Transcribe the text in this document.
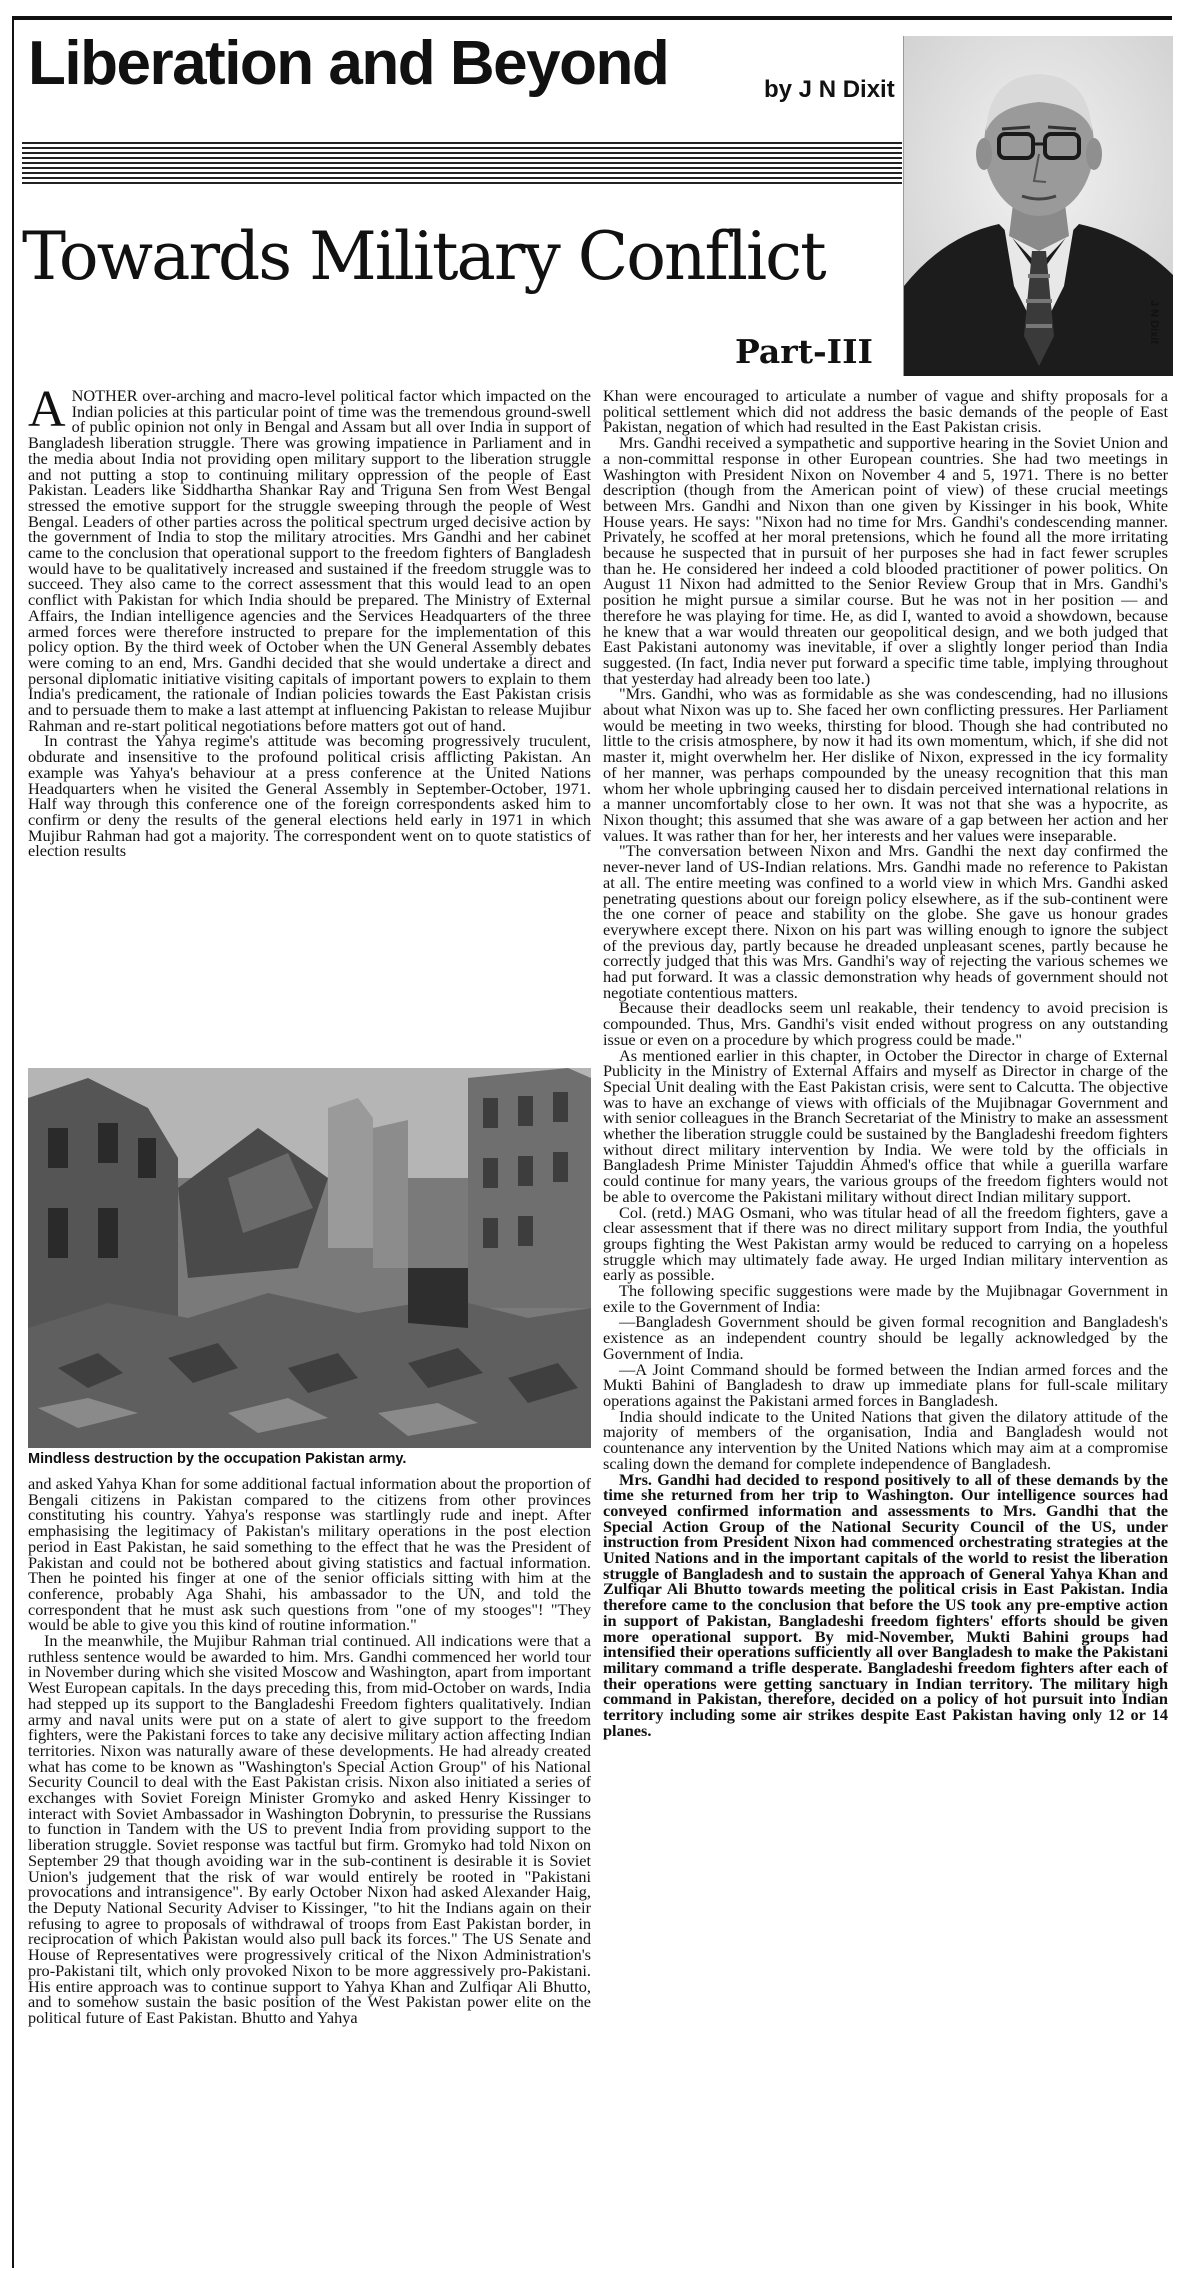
Liberation and Beyond	by J N Dixit
J N Dixit
Towards Military Conflict
Part-III

ANOTHER over-arching and macro-level political factor which impacted on the Indian policies at this particular point of time was the tremendous ground-swell of public opinion not only in Bengal and Assam but all over India in support of Bangladesh liberation struggle. There was growing impatience in Parliament and in the media about India not providing open military support to the liberation struggle and not putting a stop to continuing military oppression of the people of East Pakistan. Leaders like Siddhartha Shankar Ray and Triguna Sen from West Bengal stressed the emotive support for the struggle sweeping through the people of West Bengal. Leaders of other parties across the political spectrum urged decisive action by the government of India to stop the military atrocities. Mrs Gandhi and her cabinet came to the conclusion that operational support to the freedom fighters of Bangladesh would have to be qualitatively increased and sustained if the freedom struggle was to succeed. They also came to the correct assessment that this would lead to an open conflict with Pakistan for which India should be prepared. The Ministry of External Affairs, the Indian intelligence agencies and the Services Headquarters of the three armed forces were therefore instructed to prepare for the implementation of this policy option. By the third week of October when the UN General Assembly debates were coming to an end, Mrs. Gandhi decided that she would undertake a direct and personal diplomatic initiative visiting capitals of important powers to explain to them India's predicament, the rationale of Indian policies towards the East Pakistan crisis and to persuade them to make a last attempt at influencing Pakistan to release Mujibur Rahman and re-start political negotiations before matters got out of hand.

In contrast the Yahya regime's attitude was becoming progressively truculent, obdurate and insensitive to the profound political crisis afflicting Pakistan. An example was Yahya's behaviour at a press conference at the United Nations Headquarters when he visited the General Assembly in September-October, 1971. Half way through this conference one of the foreign correspondents asked him to confirm or deny the results of the general elections held early in 1971 in which Mujibur Rahman had got a majority. The correspondent went on to quote statistics of election results

Mindless destruction by the occupation Pakistan army.

and asked Yahya Khan for some additional factual information about the proportion of Bengali citizens in Pakistan compared to the citizens from other provinces constituting his country. Yahya's response was startlingly rude and inept. After emphasising the legitimacy of Pakistan's military operations in the post election period in East Pakistan, he said something to the effect that he was the President of Pakistan and could not be bothered about giving statistics and factual information. Then he pointed his finger at one of the senior officials sitting with him at the conference, probably Aga Shahi, his ambassador to the UN, and told the correspondent that he must ask such questions from "one of my stooges"! "They would be able to give you this kind of routine information."

In the meanwhile, the Mujibur Rahman trial continued. All indications were that a ruthless sentence would be awarded to him. Mrs. Gandhi commenced her world tour in November during which she visited Moscow and Washington, apart from important West European capitals. In the days preceding this, from mid-October on wards, India had stepped up its support to the Bangladeshi Freedom fighters qualitatively. Indian army and naval units were put on a state of alert to give support to the freedom fighters, were the Pakistani forces to take any decisive military action affecting Indian territories. Nixon was naturally aware of these developments. He had already created what has come to be known as "Washington's Special Action Group" of his National Security Council to deal with the East Pakistan crisis. Nixon also initiated a series of exchanges with Soviet Foreign Minister Gromyko and asked Henry Kissinger to interact with Soviet Ambassador in Washington Dobrynin, to pressurise the Russians to function in Tandem with the US to prevent India from providing support to the liberation struggle. Soviet response was tactful but firm. Gromyko had told Nixon on September 29 that though avoiding war in the sub-continent is desirable it is Soviet Union's judgement that the risk of war would entirely be rooted in "Pakistani provocations and intransigence". By early October Nixon had asked Alexander Haig, the Deputy National Security Adviser to Kissinger, "to hit the Indians again on their refusing to agree to proposals of withdrawal of troops from East Pakistan border, in reciprocation of which Pakistan would also pull back its forces." The US Senate and House of Representatives were progressively critical of the Nixon Administration's pro-Pakistani tilt, which only provoked Nixon to be more aggressively pro-Pakistani. His entire approach was to continue support to Yahya Khan and Zulfiqar Ali Bhutto, and to somehow sustain the basic position of the West Pakistan power elite on the political future of East Pakistan. Bhutto and Yahya

Khan were encouraged to articulate a number of vague and shifty proposals for a political settlement which did not address the basic demands of the people of East Pakistan, negation of which had resulted in the East Pakistan crisis.

Mrs. Gandhi received a sympathetic and supportive hearing in the Soviet Union and a non-committal response in other European countries. She had two meetings in Washington with President Nixon on November 4 and 5, 1971. There is no better description (though from the American point of view) of these crucial meetings between Mrs. Gandhi and Nixon than one given by Kissinger in his book, White House years. He says: "Nixon had no time for Mrs. Gandhi's condescending manner. Privately, he scoffed at her moral pretensions, which he found all the more irritating because he suspected that in pursuit of her purposes she had in fact fewer scruples than he. He considered her indeed a cold blooded practitioner of power politics. On August 11 Nixon had admitted to the Senior Review Group that in Mrs. Gandhi's position he might pursue a similar course. But he was not in her position — and therefore he was playing for time. He, as did I, wanted to avoid a showdown, because he knew that a war would threaten our geopolitical design, and we both judged that East Pakistani autonomy was inevitable, if over a slightly longer period than India suggested. (In fact, India never put forward a specific time table, implying throughout that yesterday had already been too late.)

"Mrs. Gandhi, who was as formidable as she was condescending, had no illusions about what Nixon was up to. She faced her own conflicting pressures. Her Parliament would be meeting in two weeks, thirsting for blood. Though she had contributed no little to the crisis atmosphere, by now it had its own momentum, which, if she did not master it, might overwhelm her. Her dislike of Nixon, expressed in the icy formality of her manner, was perhaps compounded by the uneasy recognition that this man whom her whole upbringing caused her to disdain perceived international relations in a manner uncomfortably close to her own. It was not that she was a hypocrite, as Nixon thought; this assumed that she was aware of a gap between her action and her values. It was rather than for her, her interests and her values were inseparable.

"The conversation between Nixon and Mrs. Gandhi the next day confirmed the never-never land of US-Indian relations. Mrs. Gandhi made no reference to Pakistan at all. The entire meeting was confined to a world view in which Mrs. Gandhi asked penetrating questions about our foreign policy elsewhere, as if the sub-continent were the one corner of peace and stability on the globe. She gave us honour grades everywhere except there. Nixon on his part was willing enough to ignore the subject of the previous day, partly because he dreaded unpleasant scenes, partly because he correctly judged that this was Mrs. Gandhi's way of rejecting the various schemes we had put forward. It was a classic demonstration why heads of government should not negotiate contentious matters.

Because their deadlocks seem unl reakable, their tendency to avoid precision is compounded. Thus, Mrs. Gandhi's visit ended without progress on any outstanding issue or even on a procedure by which progress could be made."

As mentioned earlier in this chapter, in October the Director in charge of External Publicity in the Ministry of External Affairs and myself as Director in charge of the Special Unit dealing with the East Pakistan crisis, were sent to Calcutta. The objective was to have an exchange of views with officials of the Mujibnagar Government and with senior colleagues in the Branch Secretariat of the Ministry to make an assessment whether the liberation struggle could be sustained by the Bangladeshi freedom fighters without direct military intervention by India. We were told by the officials in Bangladesh Prime Minister Tajuddin Ahmed's office that while a guerilla warfare could continue for many years, the various groups of the freedom fighters would not be able to overcome the Pakistani military without direct Indian military support.

Col. (retd.) MAG Osmani, who was titular head of all the freedom fighters, gave a clear assessment that if there was no direct military support from India, the youthful groups fighting the West Pakistan army would be reduced to carrying on a hopeless struggle which may ultimately fade away. He urged Indian military intervention as early as possible.

The following specific suggestions were made by the Mujibnagar Government in exile to the Government of India:

—Bangladesh Government should be given formal recognition and Bangladesh's existence as an independent country should be legally acknowledged by the Government of India.

—A Joint Command should be formed between the Indian armed forces and the Mukti Bahini of Bangladesh to draw up immediate plans for full-scale military operations against the Pakistani armed forces in Bangladesh.

India should indicate to the United Nations that given the dilatory attitude of the majority of members of the organisation, India and Bangladesh would not countenance any intervention by the United Nations which may aim at a compromise scaling down the demand for complete independence of Bangladesh.

Mrs. Gandhi had decided to respond positively to all of these demands by the time she returned from her trip to Washington. Our intelligence sources had conveyed confirmed information and assessments to Mrs. Gandhi that the Special Action Group of the National Security Council of the US, under instruction from President Nixon had commenced orchestrating strategies at the United Nations and in the important capitals of the world to resist the liberation struggle of Bangladesh and to sustain the approach of General Yahya Khan and Zulfiqar Ali Bhutto towards meeting the political crisis in East Pakistan. India therefore came to the conclusion that before the US took any pre-emptive action in support of Pakistan, Bangladeshi freedom fighters' efforts should be given more operational support. By mid-November, Mukti Bahini groups had intensified their operations sufficiently all over Bangladesh to make the Pakistani military command a trifle desperate. Bangladeshi freedom fighters after each of their operations were getting sanctuary in Indian territory. The military high command in Pakistan, therefore, decided on a policy of hot pursuit into Indian territory including some air strikes despite East Pakistan having only 12 or 14 planes.
